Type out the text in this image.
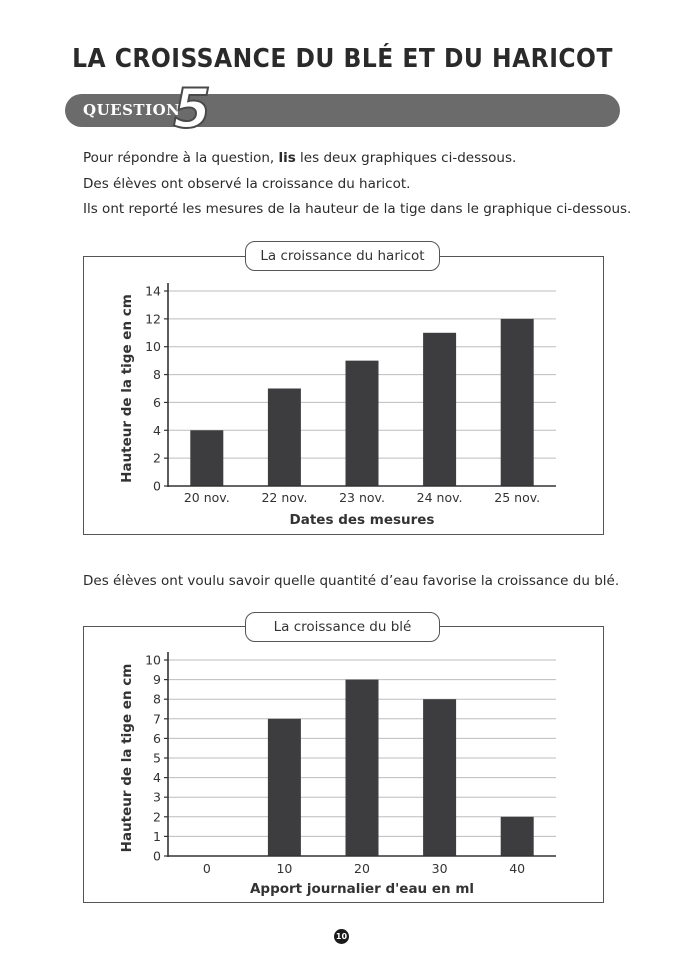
LA CROISSANCE DU BLÉ ET DU HARICOT
QUESTION
5
Pour répondre à la question, lis les deux graphiques ci-dessous.
Des élèves ont observé la croissance du haricot.
Ils ont reporté les mesures de la hauteur de la tige dans le graphique ci-dessous.
0
2
4
6
8
10
12
14
20 nov.	22 nov.	23 nov.	24 nov.	25 nov.
Dates des mesures
Hauteur de la tige en cm
La croissance du haricot
Des élèves ont voulu savoir quelle quantité d’eau favorise la croissance du blé.
0
1
2
3
4
5
6
7
8
9
10
0	10	20	30	40
Apport journalier d'eau en ml
Hauteur de la tige en cm
La croissance du blé
10
